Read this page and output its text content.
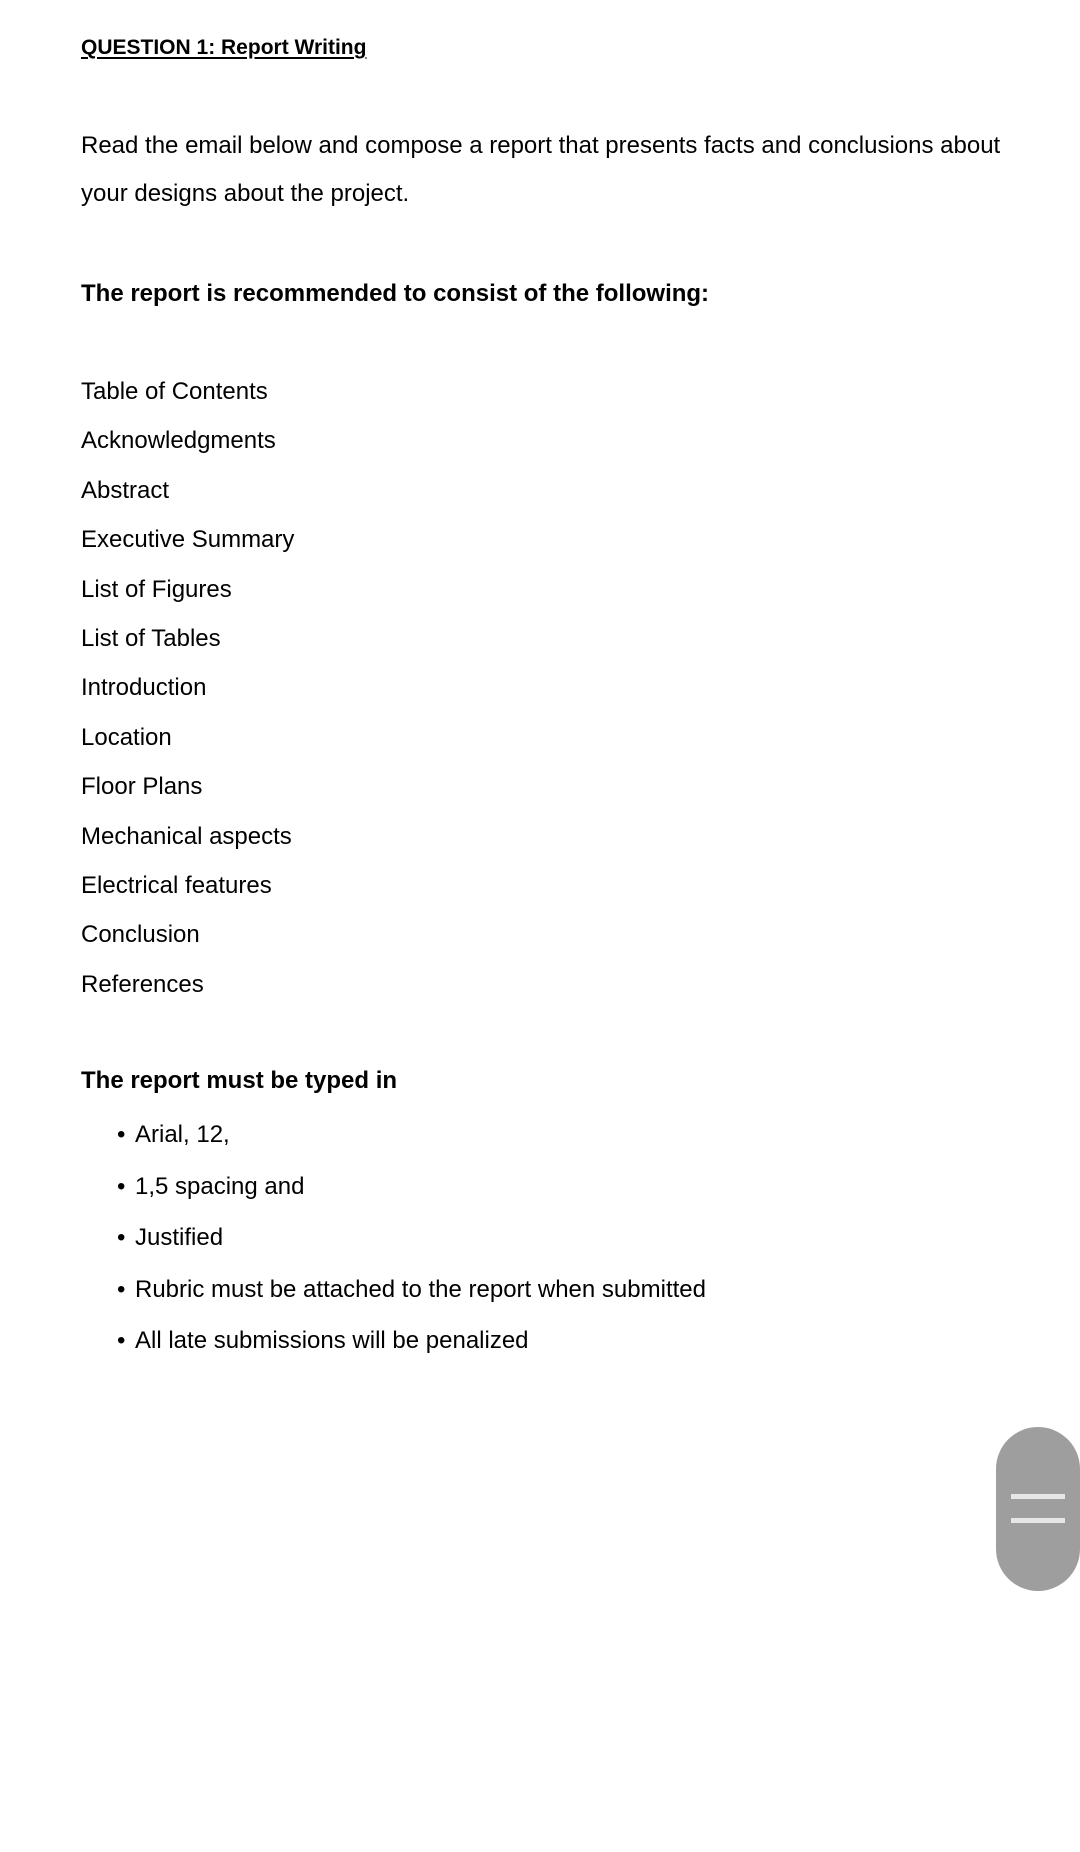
QUESTION 1: Report Writing

Read the email below and compose a report that presents facts and conclusions about
your designs about the project.

The report is recommended to consist of the following:

Table of Contents
Acknowledgments
Abstract
Executive Summary
List of Figures
List of Tables
Introduction
Location
Floor Plans
Mechanical aspects
Electrical features
Conclusion
References

The report must be typed in

• Arial, 12,
• 1,5 spacing and
• Justified
• Rubric must be attached to the report when submitted
• All late submissions will be penalized
